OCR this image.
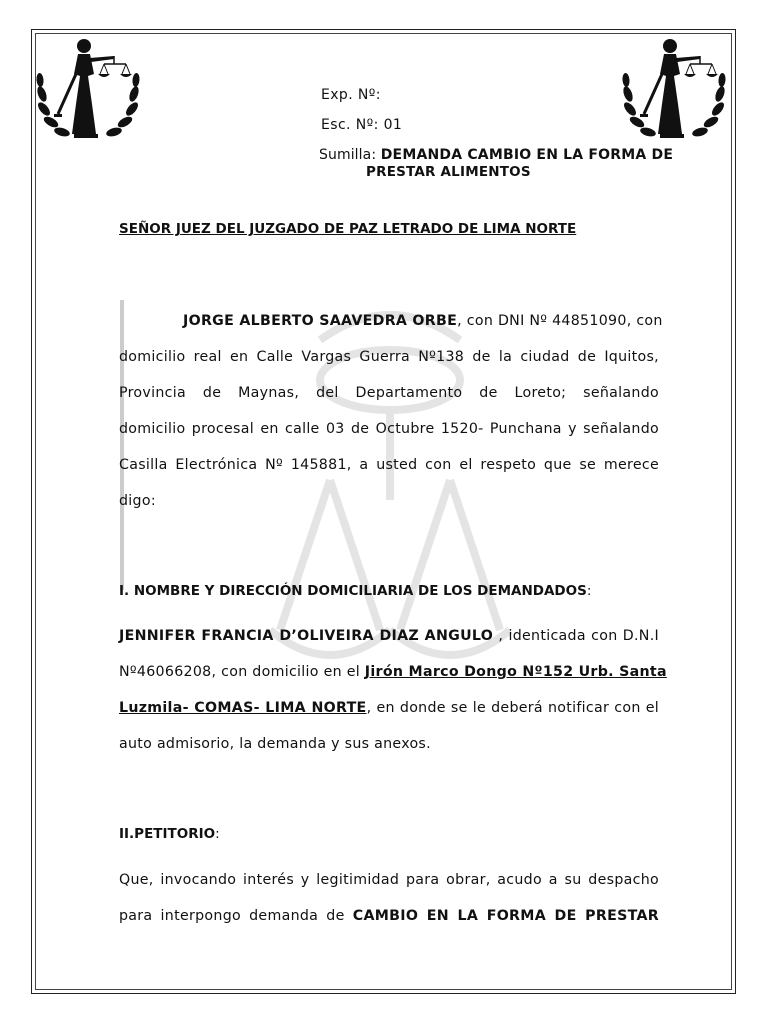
Exp. Nº:
Esc. Nº: 01
Sumilla: DEMANDA CAMBIO EN LA FORMA DE
PRESTAR ALIMENTOS
SEÑOR JUEZ DEL JUZGADO DE PAZ LETRADO DE LIMA NORTE
JORGE ALBERTO SAAVEDRA ORBE, con DNI Nº 44851090, con
domicilio real en Calle Vargas Guerra Nº138 de la ciudad de Iquitos,
Provincia de Maynas, del Departamento de Loreto; señalando
domicilio procesal en calle 03 de Octubre 1520- Punchana y señalando
Casilla Electrónica Nº 145881, a usted con el respeto que se merece
digo:
I. NOMBRE Y DIRECCIÓN DOMICILIARIA DE LOS DEMANDADOS:
JENNIFER FRANCIA D’OLIVEIRA DIAZ ANGULO , identicada con D.N.I
Nº46066208, con domicilio en el Jirón Marco Dongo Nº152 Urb. Santa
Luzmila- COMAS- LIMA NORTE, en donde se le deberá notificar con el
auto admisorio, la demanda y sus anexos.
II.PETITORIO:
Que, invocando interés y legitimidad para obrar, acudo a su despacho
para interpongo demanda de CAMBIO EN LA FORMA DE PRESTAR
